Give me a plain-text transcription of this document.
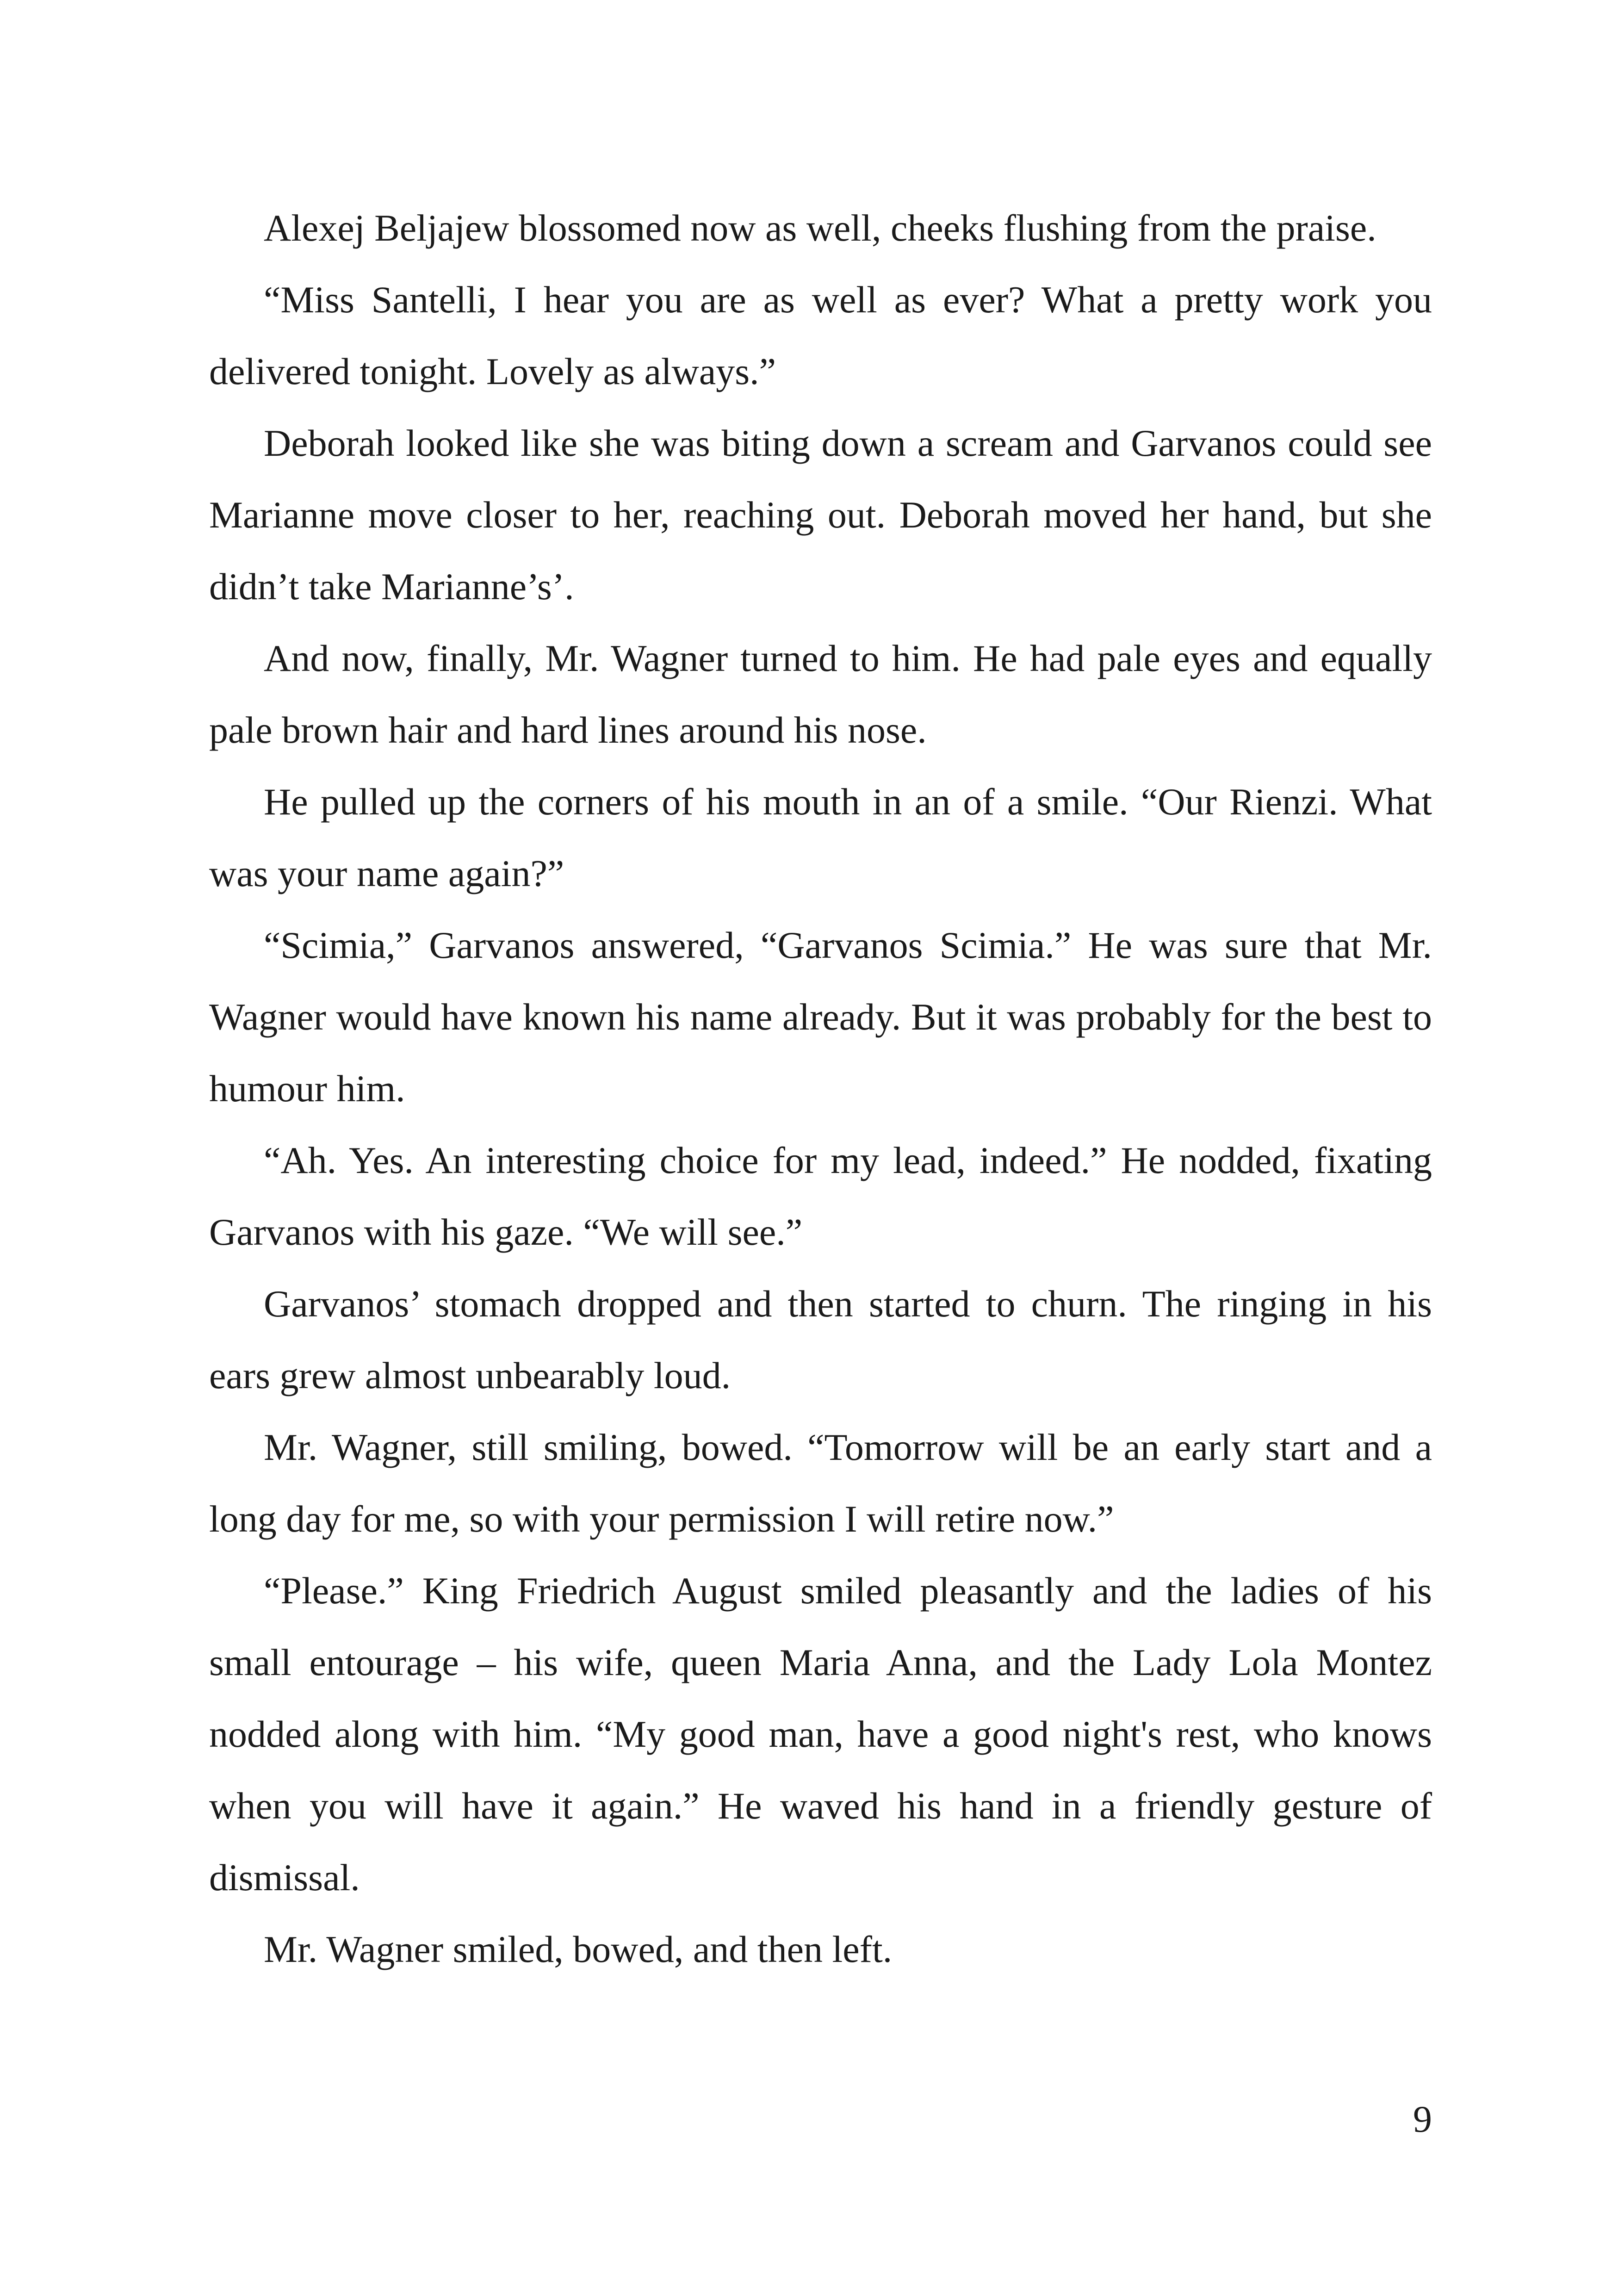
Alexej Beljajew blossomed now as well, cheeks flushing from the praise.

“Miss Santelli, I hear you are as well as ever? What a pretty work you delivered tonight. Lovely as always.”

Deborah looked like she was biting down a scream and Garvanos could see Marianne move closer to her, reaching out. Deborah moved her hand, but she didn’t take Marianne’s’.

And now, finally, Mr. Wagner turned to him. He had pale eyes and equally pale brown hair and hard lines around his nose.

He pulled up the corners of his mouth in an of a smile. “Our Rienzi. What was your name again?”

“Scimia,” Garvanos answered, “Garvanos Scimia.” He was sure that Mr. Wagner would have known his name already. But it was probably for the best to humour him.

“Ah. Yes. An interesting choice for my lead, indeed.” He nodded, fixating Garvanos with his gaze. “We will see.”

Garvanos’ stomach dropped and then started to churn. The ringing in his ears grew almost unbearably loud.

Mr. Wagner, still smiling, bowed. “Tomorrow will be an early start and a long day for me, so with your permission I will retire now.”

“Please.” King Friedrich August smiled pleasantly and the ladies of his small entourage – his wife, queen Maria Anna, and the Lady Lola Montez nodded along with him. “My good man, have a good night's rest, who knows when you will have it again.” He waved his hand in a friendly gesture of dismissal.

Mr. Wagner smiled, bowed, and then left.

9
